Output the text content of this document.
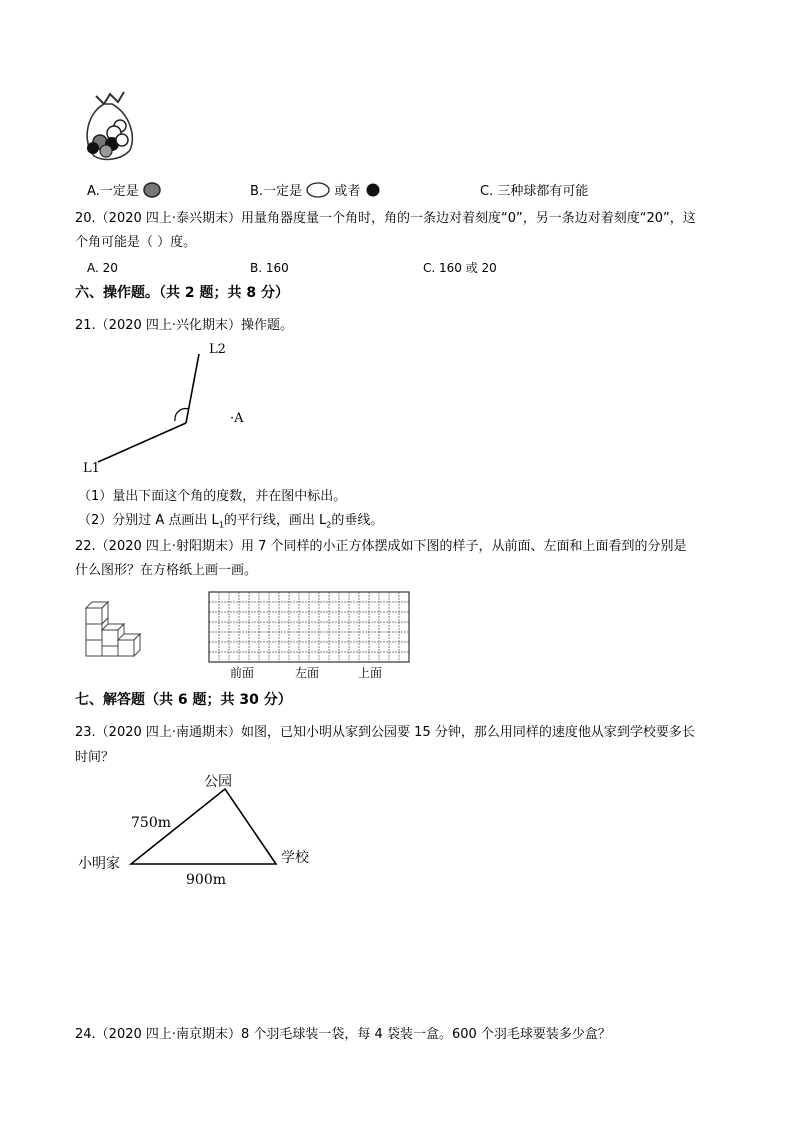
A.一定是	B.一定是 或者	C. 三种球都有可能
20.（2020 四上·泰兴期末）用量角器度量一个角时，角的一条边对着刻度“0”，另一条边对着刻度“20”，这
个角可能是（ ）度。
A. 20	B. 160	C. 160 或 20
六、操作题。（共 2 题；共 8 分）
21.（2020 四上·兴化期末）操作题。
L2
·A
L1
（1）量出下面这个角的度数，并在图中标出。
（2）分别过 A 点画出 $L_1$的平行线，画出 $L_2$的垂线。
22.（2020 四上·射阳期末）用 7 个同样的小正方体摆成如下图的样子，从前面、左面和上面看到的分别是
什么图形？在方格纸上画一画。
前面	左面	上面
七、解答题（共 6 题；共 30 分）
23.（2020 四上·南通期末）如图，已知小明从家到公园要 15 分钟，那么用同样的速度他从家到学校要多长
时间？
公园
750m
小明家	学校
900m
24.（2020 四上·南京期末）8 个羽毛球装一袋，每 4 袋装一盒。600 个羽毛球要装多少盒？
